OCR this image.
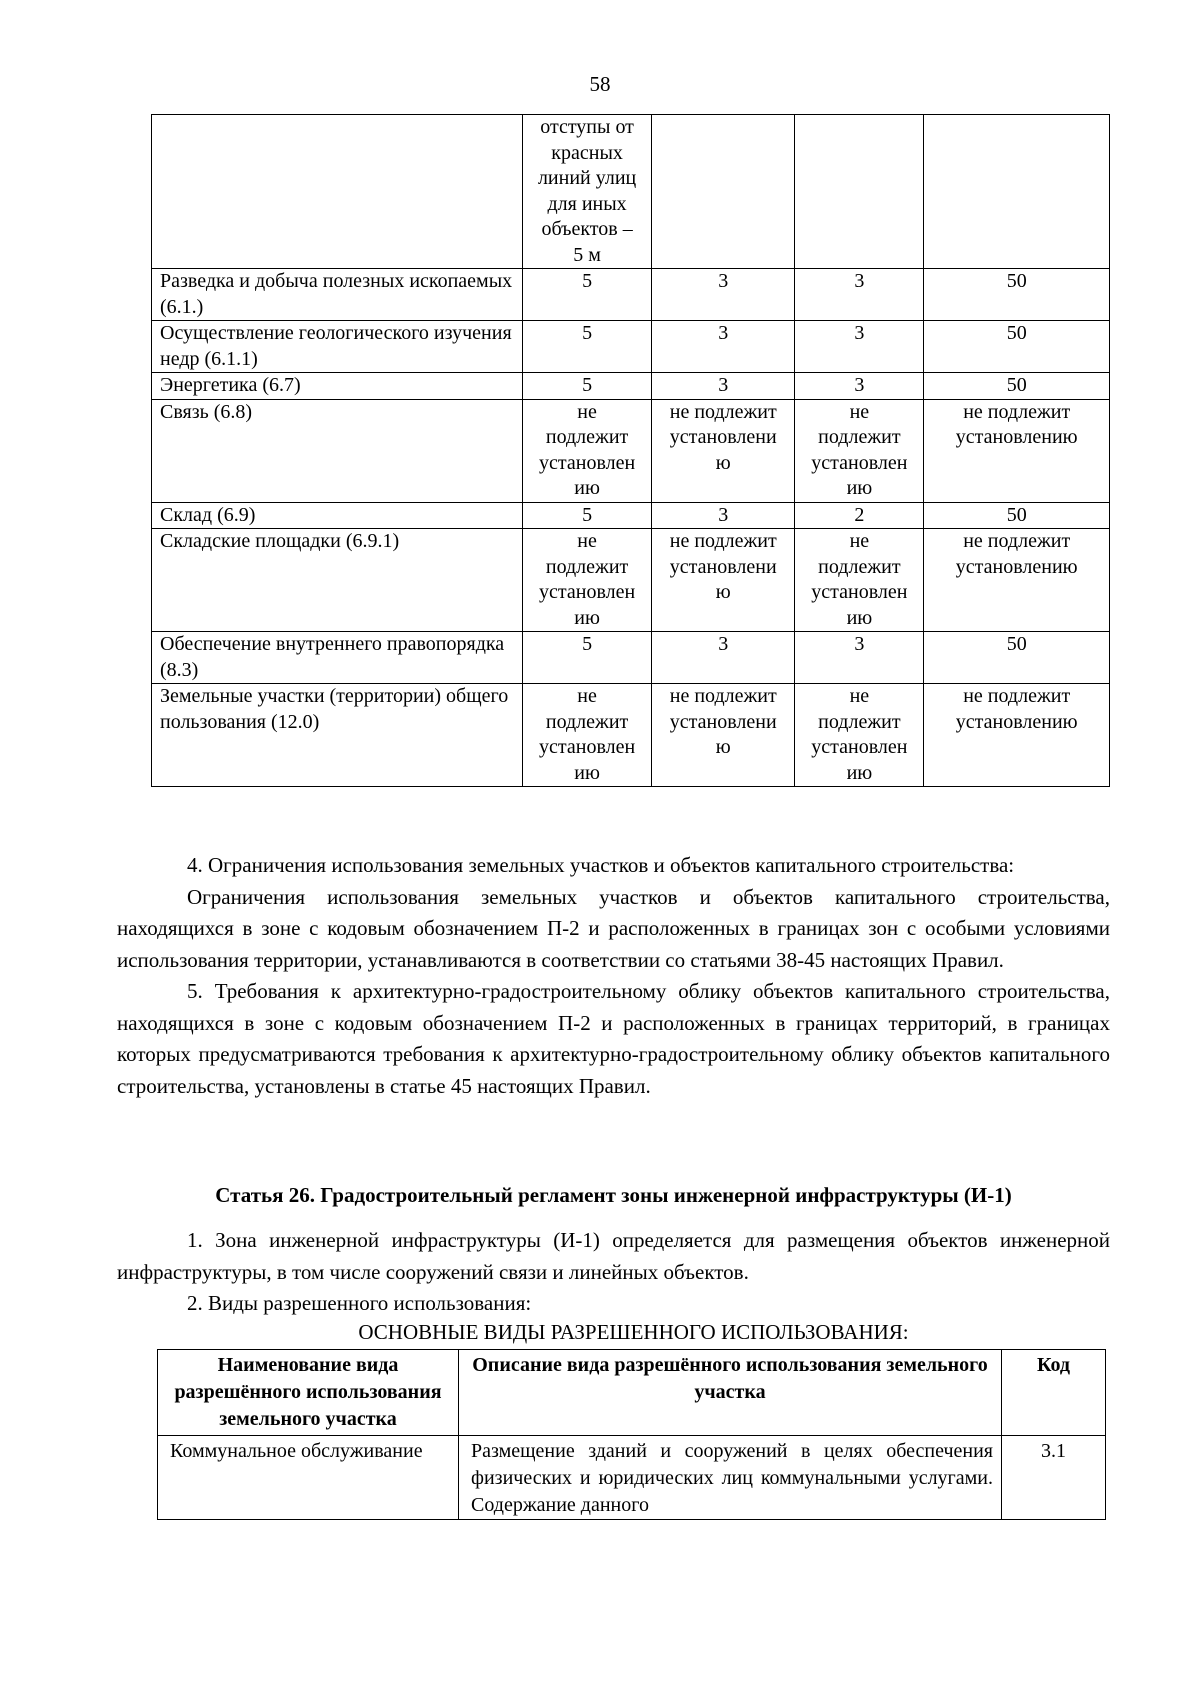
58
	отступы от красных линий улиц для иных объектов – 5 м			
Разведка и добыча полезных ископаемых (6.1.)	5	3	3	50
Осуществление геологического изучения недр (6.1.1)	5	3	3	50
Энергетика (6.7)	5	3	3	50
Связь (6.8)	не подлежит установлен ию	не подлежит установлени ю	не подлежит установлен ию	не подлежит установлению
Склад (6.9)	5	3	2	50
Складские площадки (6.9.1)	не подлежит установлен ию	не подлежит установлени ю	не подлежит установлен ию	не подлежит установлению
Обеспечение внутреннего правопорядка (8.3)	5	3	3	50
Земельные участки (территории) общего пользования (12.0)	не подлежит установлен ию	не подлежит установлени ю	не подлежит установлен ию	не подлежит установлению

4. Ограничения использования земельных участков и объектов капитального строительства:

Ограничения использования земельных участков и объектов капитального строительства, находящихся в зоне с кодовым обозначением П-2 и расположенных в границах зон с особыми условиями использования территории, устанавливаются в соответствии со статьями 38-45 настоящих Правил.

5. Требования к архитектурно-градостроительному облику объектов капитального строительства, находящихся в зоне с кодовым обозначением П-2 и расположенных в границах территорий, в границах которых предусматриваются требования к архитектурно-градостроительному облику объектов капитального строительства, установлены в статье 45 настоящих Правил.

Статья 26. Градостроительный регламент зоны инженерной инфраструктуры (И-1)

1. Зона инженерной инфраструктуры (И-1) определяется для размещения объектов инженерной инфраструктуры, в том числе сооружений связи и линейных объектов.

2. Виды разрешенного использования:

ОСНОВНЫЕ ВИДЫ РАЗРЕШЕННОГО ИСПОЛЬЗОВАНИЯ:

Наименование вида разрешённого использования земельного участка	Описание вида разрешённого использования земельного участка	Код
Коммунальное обслуживание	Размещение зданий и сооружений в целях обеспечения физических и юридических лиц коммунальными услугами. Содержание данного	3.1
